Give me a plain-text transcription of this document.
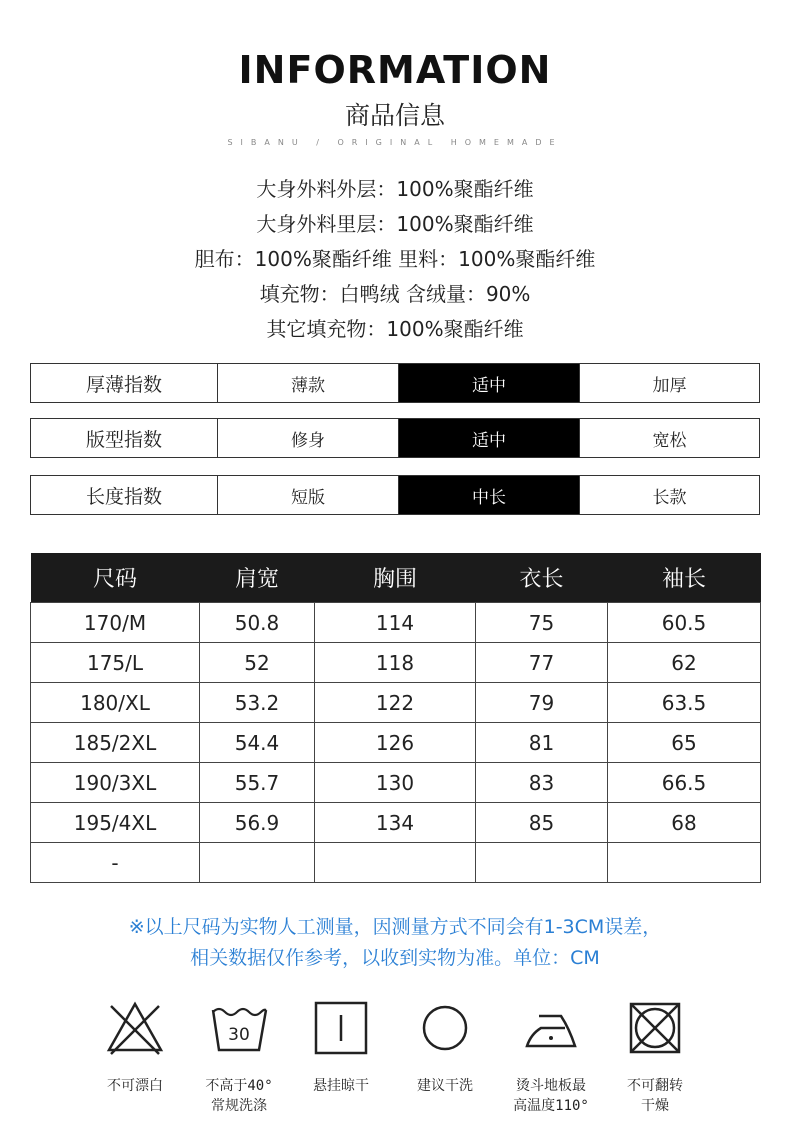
INFORMATION
商品信息
SIBANU / ORIGINAL HOMEMADE
大身外料外层：100%聚酯纤维
大身外料里层：100%聚酯纤维
胆布：100%聚酯纤维 里料：100%聚酯纤维
填充物：白鸭绒 含绒量：90%
其它填充物：100%聚酯纤维
厚薄指数	薄款	适中	加厚
版型指数	修身	适中	宽松
长度指数	短版	中长	长款
尺码	肩宽	胸围	衣长	袖长
170/M	50.8	114	75	60.5
175/L	52	118	77	62
180/XL	53.2	122	79	63.5
185/2XL	54.4	126	81	65
190/3XL	55.7	130	83	66.5
195/4XL	56.9	134	85	68
-				
※以上尺码为实物人工测量，因测量方式不同会有1-3CM误差，
相关数据仅作参考，以收到实物为准。单位：CM
不可漂白
30
不高于40°
常规洗涤
悬挂晾干	建议干洗	烫斗地板最
高温度110°
不可翻转
干燥
